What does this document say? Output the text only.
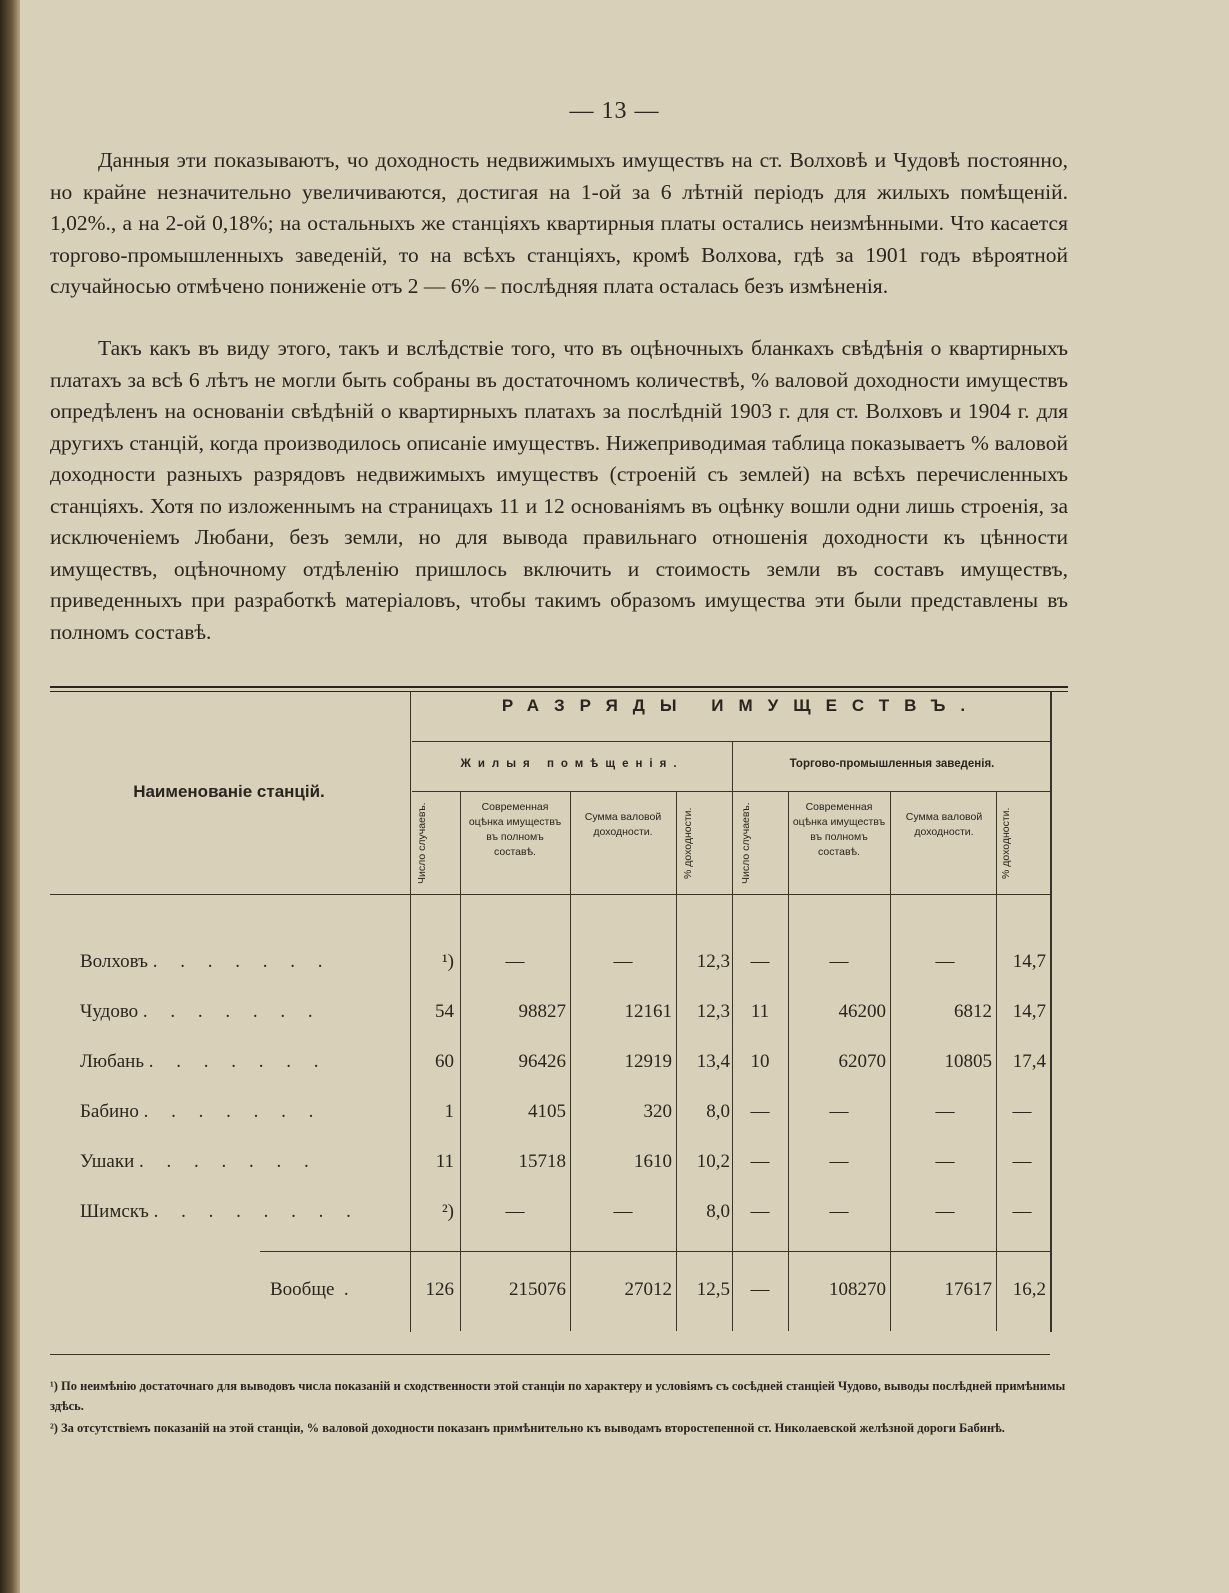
— 13 —

Данныя эти показываютъ, чо доходность недвижимыхъ имуществъ на ст. Волховѣ и Чудовѣ постоянно, но крайне незначительно увеличиваются, достигая на 1-ой за 6 лѣтній періодъ для жилыхъ помѣщеній. 1,02%., а на 2-ой 0,18%; на остальныхъ же станціяхъ квартирныя платы остались неизмѣнными. Что касается торгово-промышленныхъ заведеній, то на всѣхъ станціяхъ, кромѣ Волхова, гдѣ за 1901 годъ вѣроятной случайносью отмѣчено пониженіе отъ 2 — 6% – послѣдняя плата осталась безъ измѣненія.

Такъ какъ въ виду этого, такъ и вслѣдствіе того, что въ оцѣночныхъ бланкахъ свѣдѣнія о квартирныхъ платахъ за всѣ 6 лѣтъ не могли быть собраны въ достаточномъ количествѣ, % валовой доходности имуществъ опредѣленъ на основаніи свѣдѣній о квартирныхъ платахъ за послѣдній 1903 г. для ст. Волховъ и 1904 г. для другихъ станцій, когда производилось описаніе имуществъ. Нижеприводимая таблица показываетъ % валовой доходности разныхъ разрядовъ недвижимыхъ имуществъ (строеній съ землей) на всѣхъ перечисленныхъ станціяхъ. Хотя по изложеннымъ на страницахъ 11 и 12 основаніямъ въ оцѣнку вошли одни лишь строенія, за исключеніемъ Любани, безъ земли, но для вывода правильнаго отношенія доходности къ цѣнности имуществъ, оцѣночному отдѣленію пришлось включить и стоимость земли въ составъ имуществъ, приведенныхъ при разработкѣ матеріаловъ, чтобы такимъ образомъ имущества эти были представлены въ полномъ составѣ.

РАЗРЯДЫ ИМУЩЕСТВЪ.
Жилыя помѣщенія.	Торгово-промышленныя заведенія.
Наименованіе станцій.
Число случаевъ.	Современная оцѣнка имуществъ въ полномъ составѣ.
Сумма валовой доходности.	% доходности.	Число случаевъ.	Современная оцѣнка имуществъ въ полномъ составѣ.
Сумма валовой доходности.	% доходности.
Волховъ . . . . . . .	¹)	—	—	12,3	—	—	—	14,7
Чудово . . . . . . .	54	98827	12161	12,3	11	46200	6812	14,7
Любань . . . . . . .	60	96426	12919	13,4	10	62070	10805	17,4
Бабино . . . . . . .	1	4105	320	8,0	—	—	—	—
Ушаки . . . . . . .	11	15718	1610	10,2	—	—	—	—
Шимскъ . . . . . . . .	²)	—	—	8,0	—	—	—	—
Вообще .	126	215076	27012	12,5	—	108270	17617	16,2
¹) По неимѣнію достаточнаго для выводовъ числа показаній и сходственности этой станціи по характеру и условіямъ съ сосѣдней станціей Чудово, выводы послѣдней примѣнимы здѣсь.
²) За отсутствіемъ показаній на этой станціи, % валовой доходности показанъ примѣнительно къ выводамъ второстепенной ст. Николаевской желѣзной дороги Бабинѣ.
